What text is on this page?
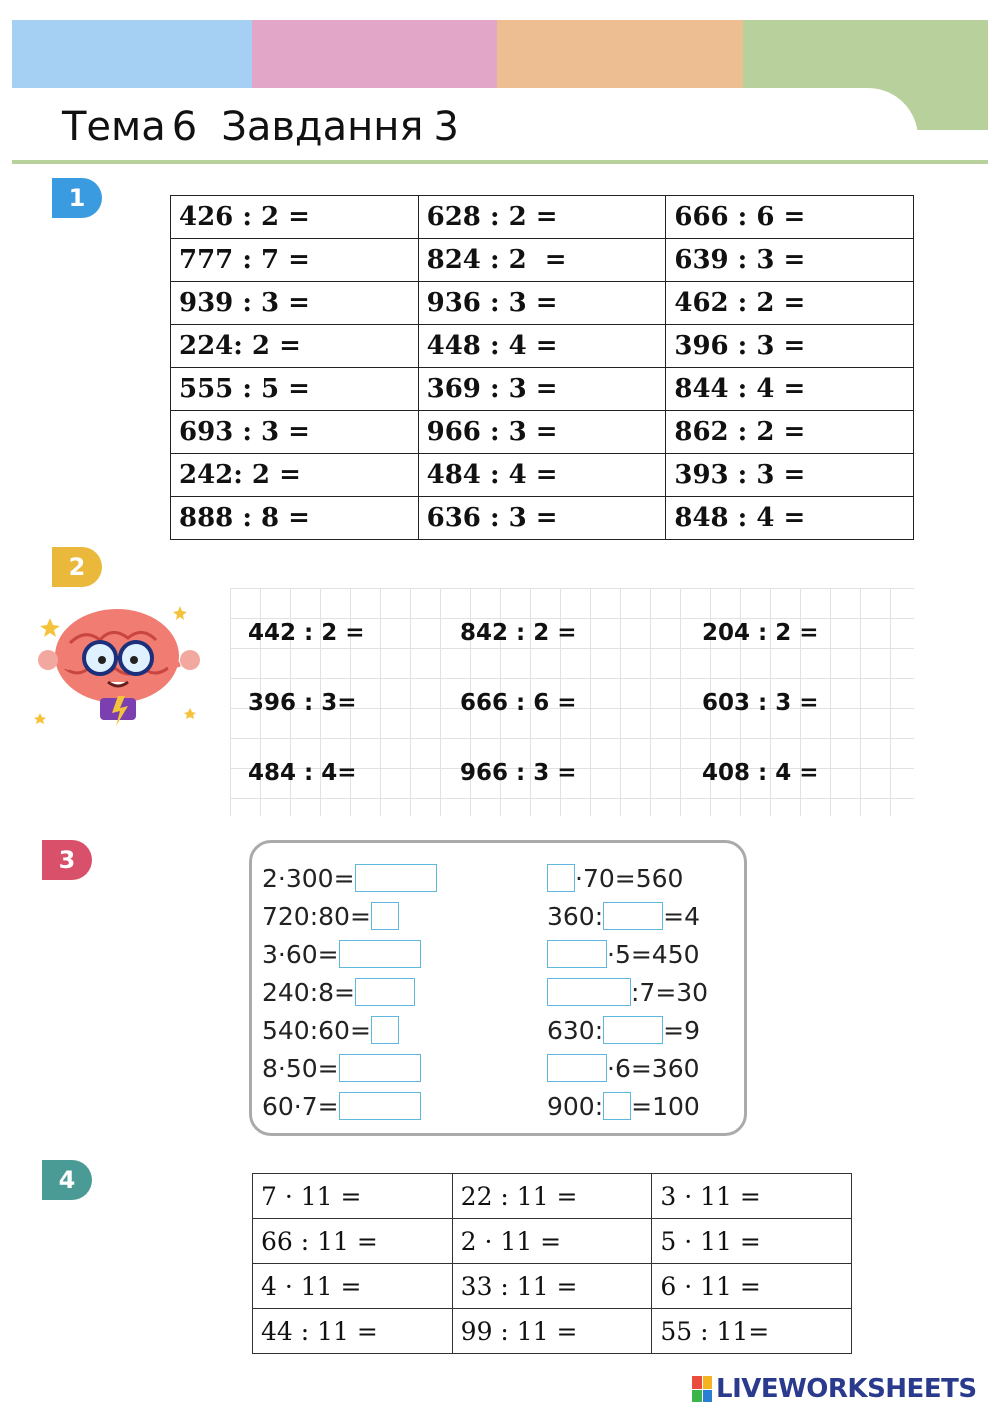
Тема 6 Завдання 3
1
2
3
4
426 : 2 =	628 : 2 =	666 : 6 =
777 : 7 =	824 : 2  =	639 : 3 =
939 : 3 =	936 : 3 =	462 : 2 =
224: 2 =	448 : 4 =	396 : 3 =
555 : 5 =	369 : 3 =	844 : 4 =
693 : 3 =	966 : 3 =	862 : 2 =
242: 2 =	484 : 4 =	393 : 3 =
888 : 8 =	636 : 3 =	848 : 4 =
442 : 2 =	842 : 2 =	204 : 2 =
396 : 3=	666 : 6 =	603 : 3 =
484 : 4=	966 : 3 =	408 : 4 =
2·300=
720:80=
3·60=
240:8=
540:60=
8·50=
60·7=
·70=560
360: =4
·5=450
:7=30
630: =9
·6=360
900: =100
7 · 11 =	22 : 11 =	3 · 11 =
66 : 11 =	2 · 11 =	5 · 11 =
4 · 11 =	33 : 11 =	6 · 11 =
44 : 11 =	99 : 11 =	55 : 11=
LIVEWORKSHEETS
